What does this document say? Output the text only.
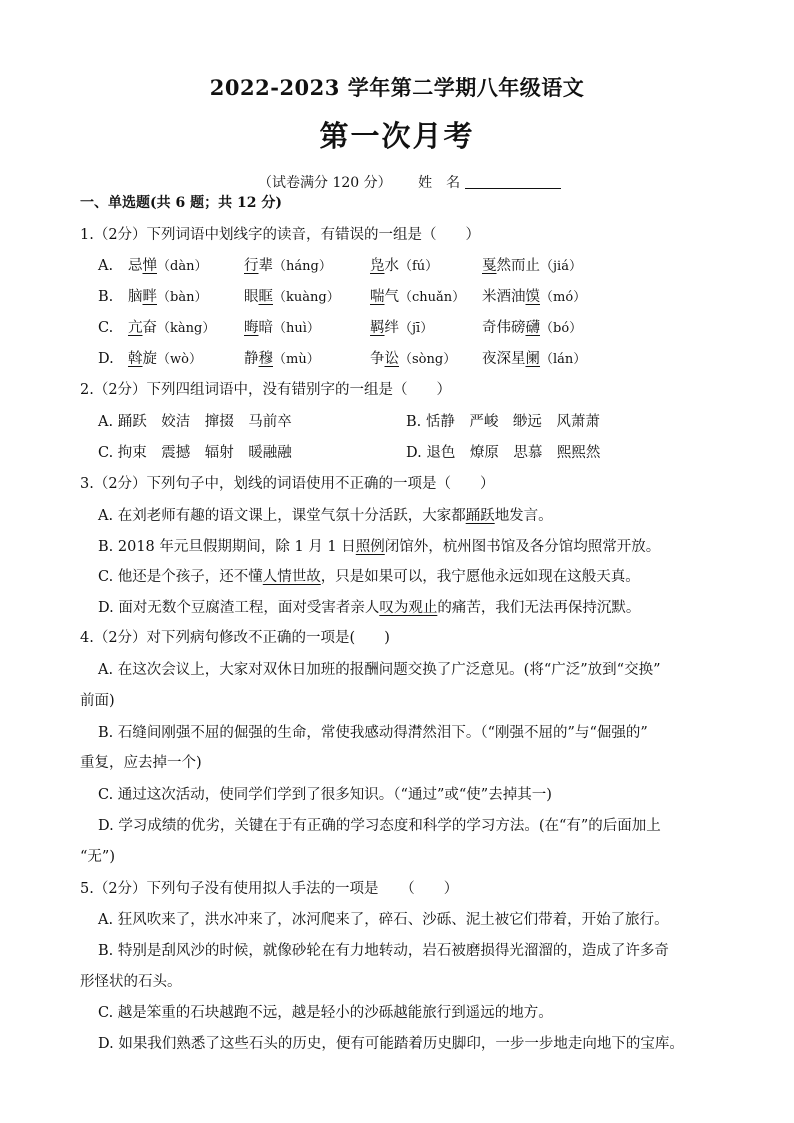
2022-2023 学年第二学期八年级语文
第一次月考
（试卷满分 120 分） 姓　名
一、单选题(共 6 题；共 12 分)
1.（2分）下列词语中划线字的读音，有错误的一组是（　　）
A. 忌惮（dàn）	行辈（háng）	凫水（fú）	戛然而止（jiá）
B. 脑畔（bàn）	眼眶（kuàng） 喘气（chuǎn） 米酒油馍（mó）
C. 亢奋（kàng） 晦暗（huì）	羁绊（jī）	奇伟磅礴（bó）
D. 斡旋（wò）	静穆（mù）	争讼（sòng） 夜深星阑（lán）
2.（2分）下列四组词语中，没有错别字的一组是（　　）
A. 踊跃　姣洁　撺掇　马前卒	B. 恬静　严峻　缈远　风萧萧
C. 拘束　震撼　辐射　暖融融	D. 退色　燎原　思慕　熙熙然
3.（2分）下列句子中，划线的词语使用不正确的一项是（　　）
A. 在刘老师有趣的语文课上，课堂气氛十分活跃，大家都踊跃地发言。
B. 2018 年元旦假期期间，除 1 月 1 日照例闭馆外，杭州图书馆及各分馆均照常开放。
C. 他还是个孩子，还不懂人情世故，只是如果可以，我宁愿他永远如现在这般天真。
D. 面对无数个豆腐渣工程，面对受害者亲人叹为观止的痛苦，我们无法再保持沉默。
4.（2分）对下列病句修改不正确的一项是(　　)
A. 在这次会议上，大家对双休日加班的报酬问题交换了广泛意见。(将“广泛”放到“交换”
前面)
B. 石缝间刚强不屈的倔强的生命，常使我感动得潸然泪下。（“刚强不屈的”与“倔强的”
重复，应去掉一个)
C. 通过这次活动，使同学们学到了很多知识。（“通过”或“使”去掉其一)
D. 学习成绩的优劣，关键在于有正确的学习态度和科学的学习方法。(在“有”的后面加上
“无”)
5.（2分）下列句子没有使用拟人手法的一项是　　（　　）
A. 狂风吹来了，洪水冲来了，冰河爬来了，碎石、沙砾、泥土被它们带着，开始了旅行。
B. 特别是刮风沙的时候，就像砂轮在有力地转动，岩石被磨损得光溜溜的，造成了许多奇
形怪状的石头。
C. 越是笨重的石块越跑不远，越是轻小的沙砾越能旅行到遥远的地方。
D. 如果我们熟悉了这些石头的历史，便有可能踏着历史脚印，一步一步地走向地下的宝库。
